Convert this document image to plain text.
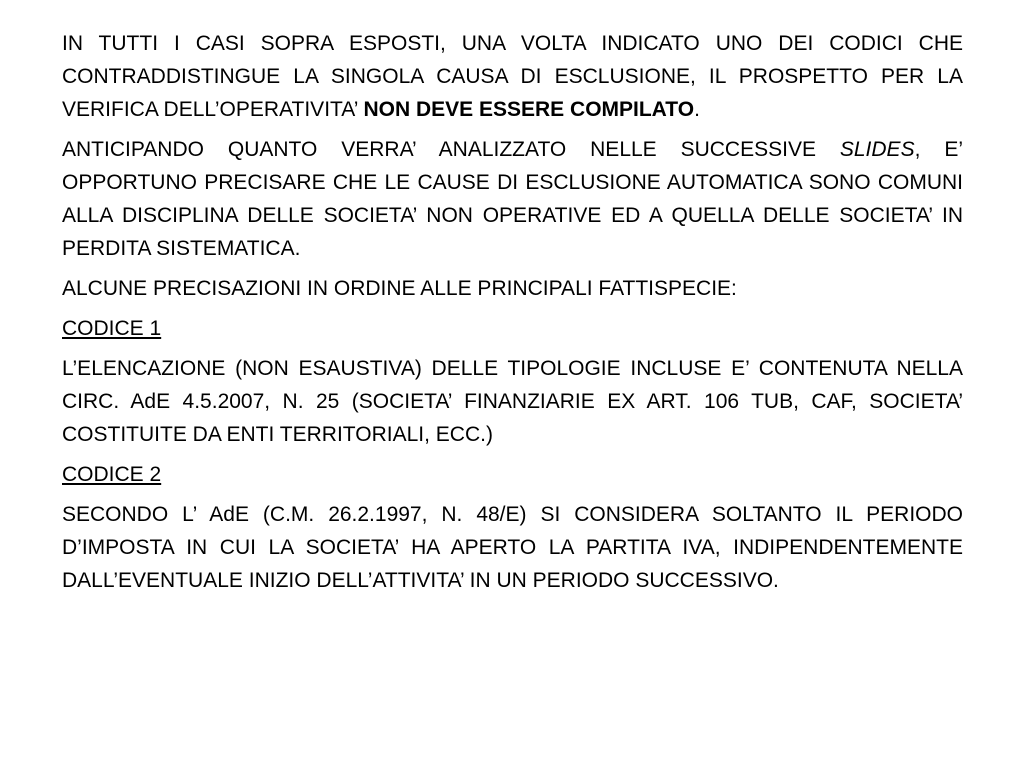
IN TUTTI I CASI SOPRA ESPOSTI, UNA VOLTA INDICATO UNO DEI CODICI CHE CONTRADDISTINGUE LA SINGOLA CAUSA DI ESCLUSIONE, IL PROSPETTO PER LA VERIFICA DELL’OPERATIVITA’ NON DEVE ESSERE COMPILATO.

ANTICIPANDO QUANTO VERRA’ ANALIZZATO NELLE SUCCESSIVE SLIDES, E’ OPPORTUNO PRECISARE CHE LE CAUSE DI ESCLUSIONE AUTOMATICA SONO COMUNI ALLA DISCIPLINA DELLE SOCIETA’ NON OPERATIVE ED A QUELLA DELLE SOCIETA’ IN PERDITA SISTEMATICA.

ALCUNE PRECISAZIONI IN ORDINE ALLE PRINCIPALI FATTISPECIE:

CODICE 1

L’ELENCAZIONE (NON ESAUSTIVA) DELLE TIPOLOGIE INCLUSE E’ CONTENUTA NELLA CIRC. AdE 4.5.2007, N. 25 (SOCIETA’ FINANZIARIE EX ART. 106 TUB, CAF, SOCIETA’ COSTITUITE DA ENTI TERRITORIALI, ECC.)

CODICE 2

SECONDO L’ AdE (C.M. 26.2.1997, N. 48/E) SI CONSIDERA SOLTANTO IL PERIODO D’IMPOSTA IN CUI LA SOCIETA’ HA APERTO LA PARTITA IVA, INDIPENDENTEMENTE DALL’EVENTUALE INIZIO DELL’ATTIVITA’ IN UN PERIODO SUCCESSIVO.
